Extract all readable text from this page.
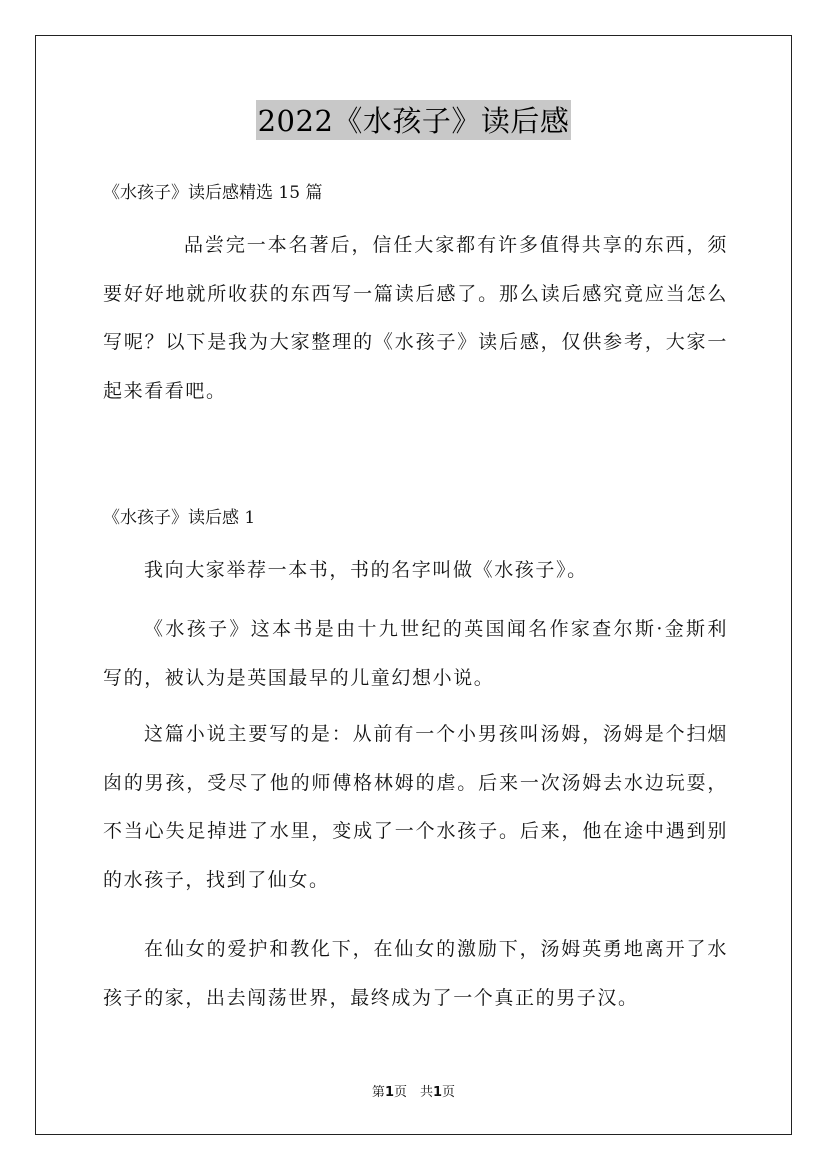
2022《水孩子》读后感
《水孩子》读后感精选 15 篇

品尝完一本名著后，信任大家都有许多值得共享的东西，须要好好地就所收获的东西写一篇读后感了。那么读后感究竟应当怎么写呢？以下是我为大家整理的《水孩子》读后感，仅供参考，大家一起来看看吧。

《水孩子》读后感 1

我向大家举荐一本书，书的名字叫做《水孩子》。

《水孩子》这本书是由十九世纪的英国闻名作家查尔斯·金斯利写的，被认为是英国最早的儿童幻想小说。

这篇小说主要写的是：从前有一个小男孩叫汤姆，汤姆是个扫烟囱的男孩，受尽了他的师傅格林姆的虐。后来一次汤姆去水边玩耍，不当心失足掉进了水里，变成了一个水孩子。后来，他在途中遇到别的水孩子，找到了仙女。

在仙女的爱护和教化下，在仙女的激励下，汤姆英勇地离开了水孩子的家，出去闯荡世界，最终成为了一个真正的男子汉。

第1页　共1页
